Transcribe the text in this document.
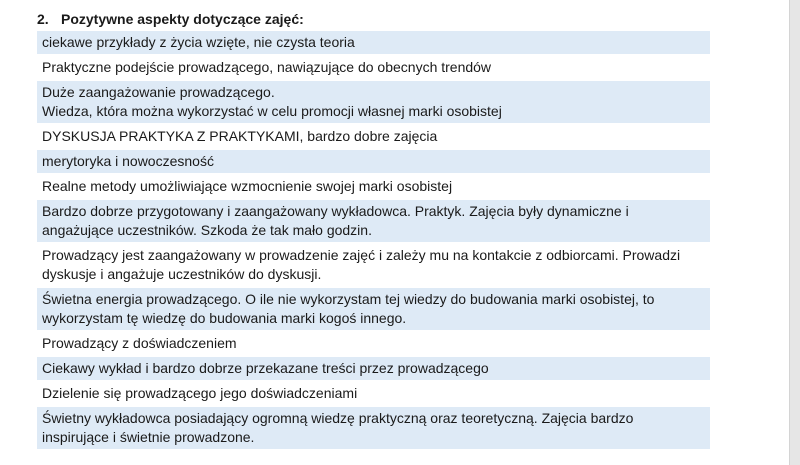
2. Pozytywne aspekty dotyczące zajęć:
ciekawe przykłady z życia wzięte, nie czysta teoria
Praktyczne podejście prowadzącego, nawiązujące do obecnych trendów
Duże zaangażowanie prowadzącego.
Wiedza, która można wykorzystać w celu promocji własnej marki osobistej
DYSKUSJA PRAKTYKA Z PRAKTYKAMI, bardzo dobre zajęcia
merytoryka i nowoczesność
Realne metody umożliwiające wzmocnienie swojej marki osobistej
Bardzo dobrze przygotowany i zaangażowany wykładowca. Praktyk. Zajęcia były dynamiczne i
angażujące uczestników. Szkoda że tak mało godzin.
Prowadzący jest zaangażowany w prowadzenie zajęć i zależy mu na kontakcie z odbiorcami. Prowadzi
dyskusje i angażuje uczestników do dyskusji.
Świetna energia prowadzącego. O ile nie wykorzystam tej wiedzy do budowania marki osobistej, to
wykorzystam tę wiedzę do budowania marki kogoś innego.
Prowadzący z doświadczeniem
Ciekawy wykład i bardzo dobrze przekazane treści przez prowadzącego
Dzielenie się prowadzącego jego doświadczeniami
Świetny wykładowca posiadający ogromną wiedzę praktyczną oraz teoretyczną. Zajęcia bardzo
inspirujące i świetnie prowadzone.
